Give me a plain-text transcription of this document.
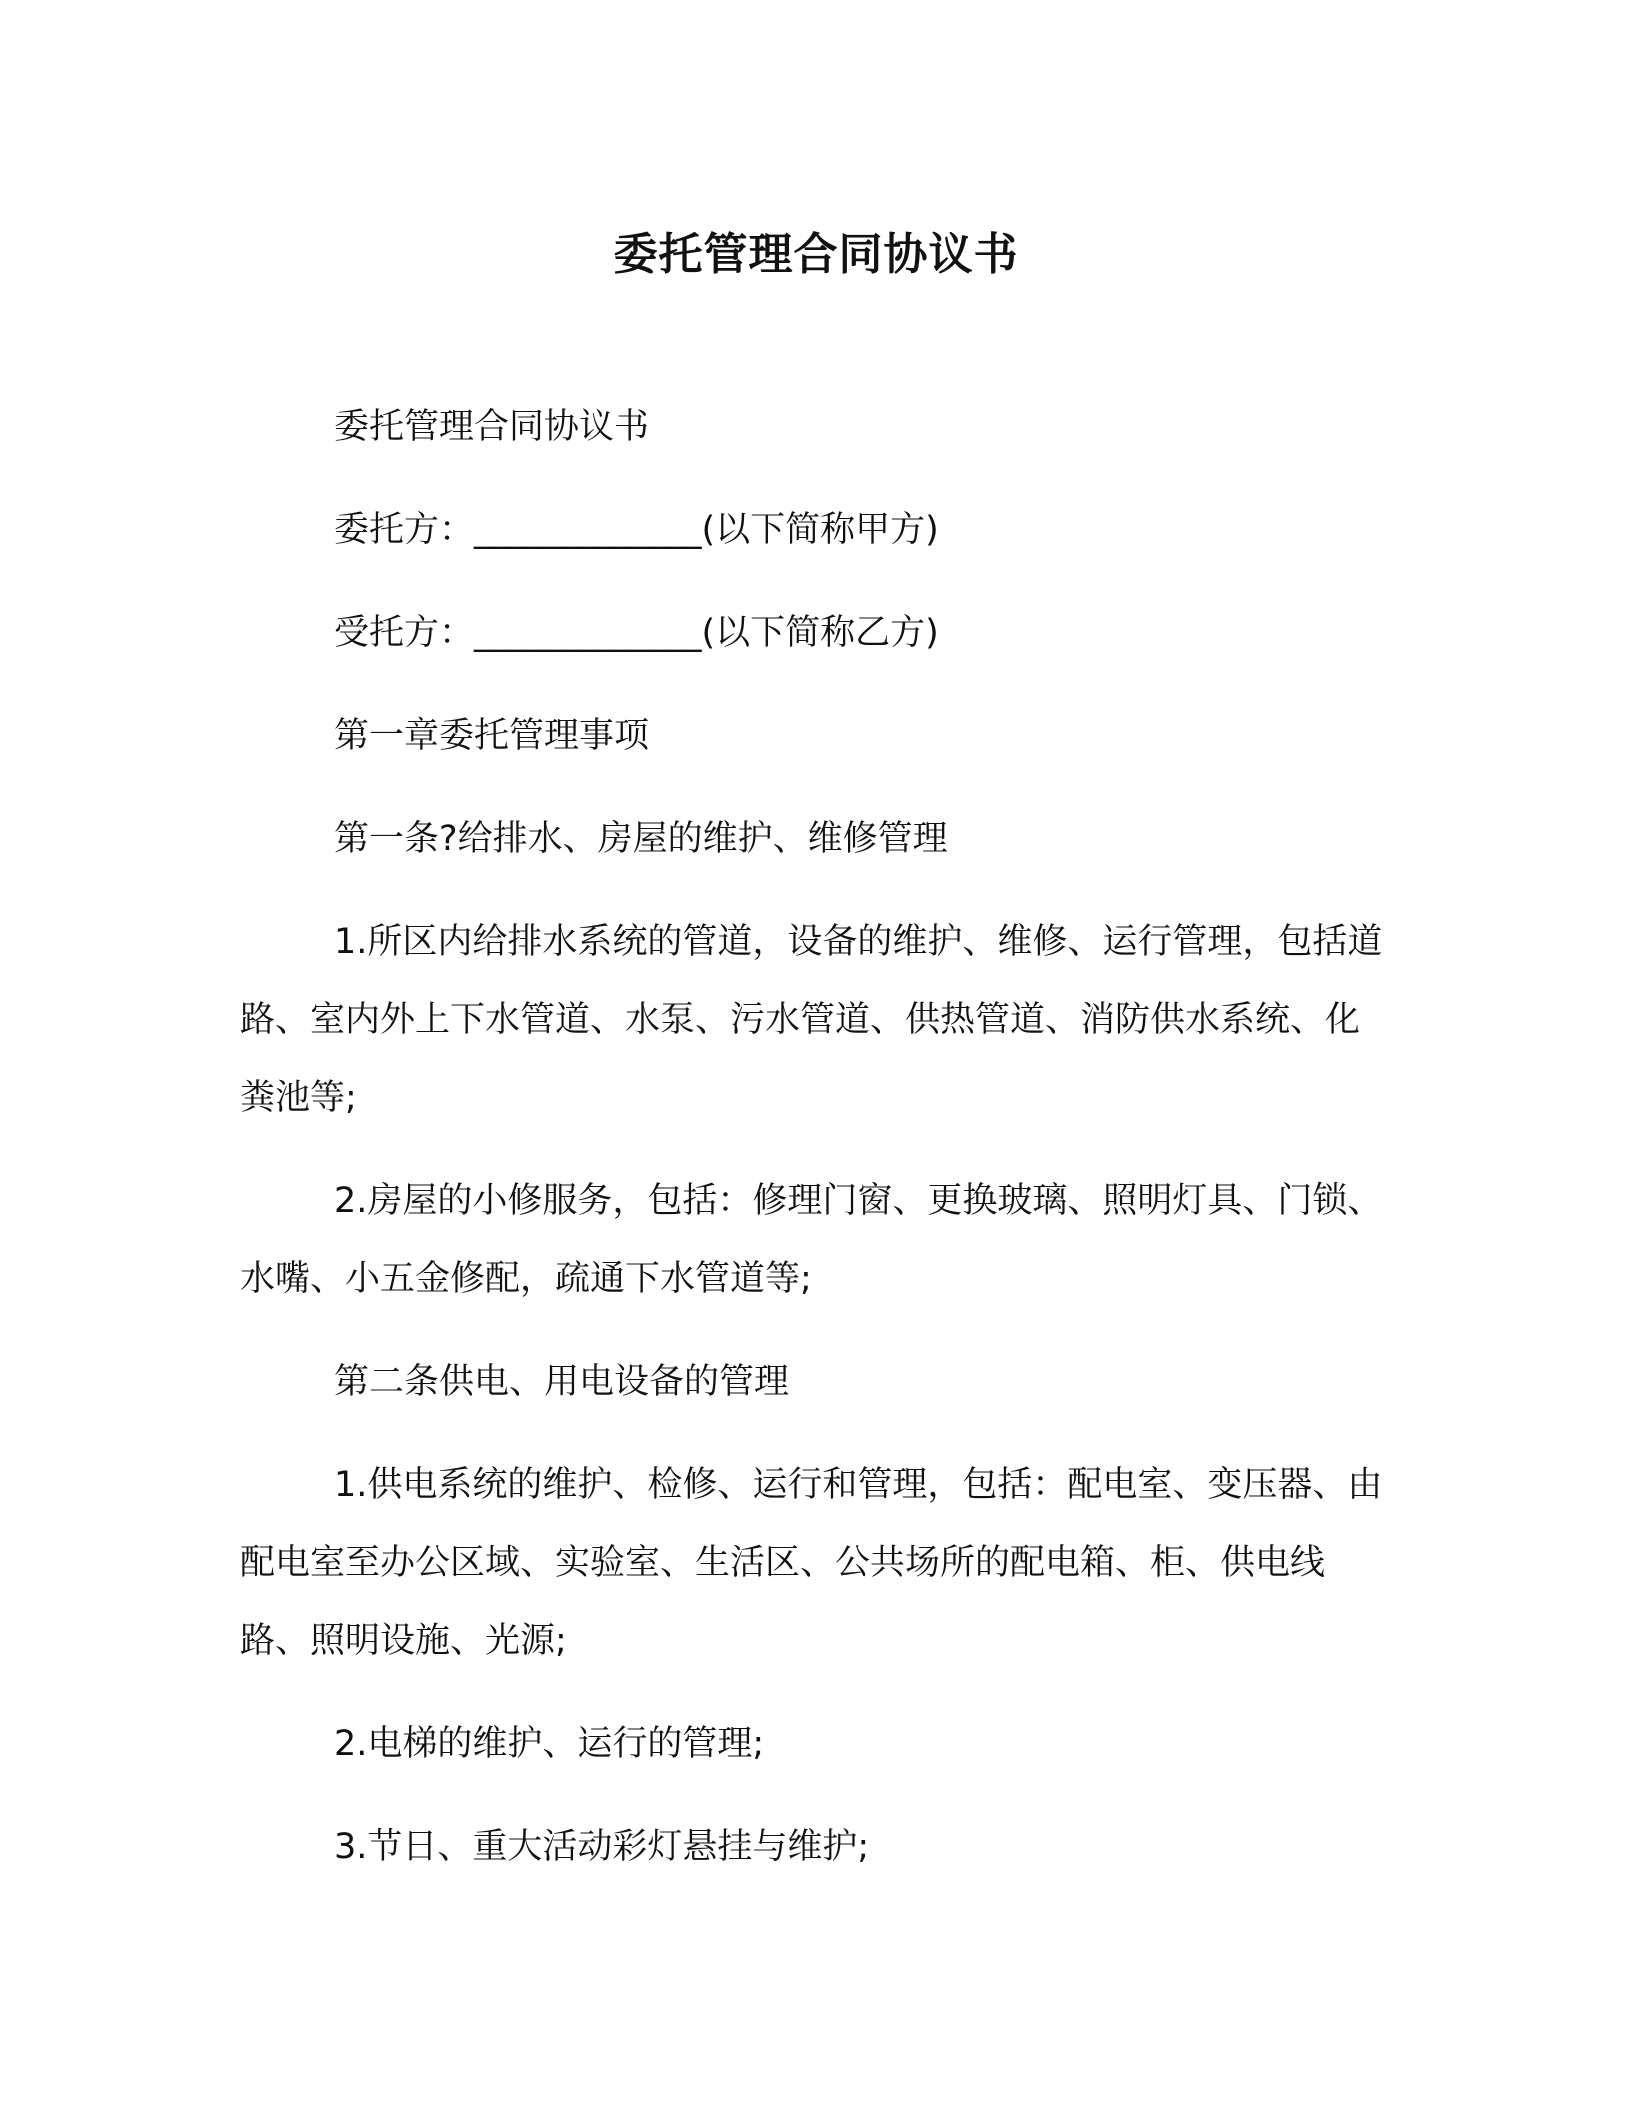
委托管理合同协议书

委托管理合同协议书

委托方：_____________(以下简称甲方)

受托方：_____________(以下简称乙方)

第一章委托管理事项

第一条?给排水、房屋的维护、维修管理

1.所区内给排水系统的管道，设备的维护、维修、运行管理，包括道路、室内外上下水管道、水泵、污水管道、供热管道、消防供水系统、化粪池等;

2.房屋的小修服务，包括：修理门窗、更换玻璃、照明灯具、门锁、水嘴、小五金修配，疏通下水管道等;

第二条供电、用电设备的管理

1.供电系统的维护、检修、运行和管理，包括：配电室、变压器、由配电室至办公区域、实验室、生活区、公共场所的配电箱、柜、供电线路、照明设施、光源;

2.电梯的维护、运行的管理;

3.节日、重大活动彩灯悬挂与维护;
